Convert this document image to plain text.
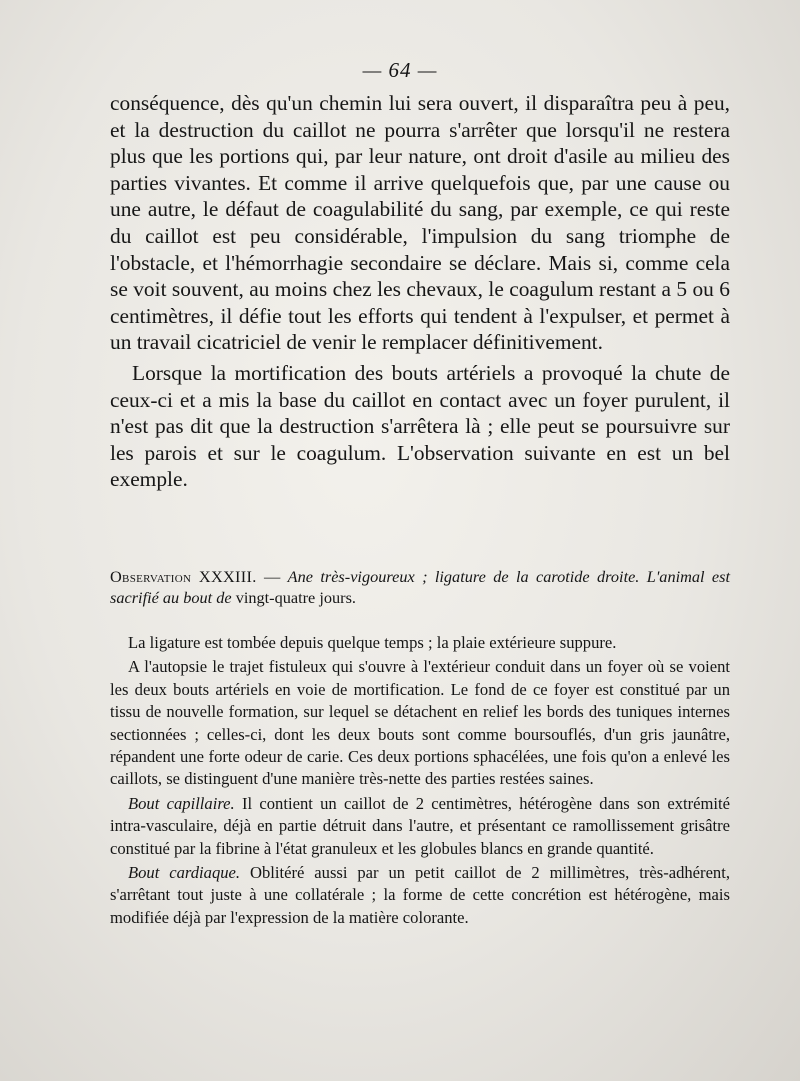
— 64 —

conséquence, dès qu'un chemin lui sera ouvert, il disparaîtra peu à peu, et la destruction du caillot ne pourra s'arrêter que lorsqu'il ne restera plus que les portions qui, par leur nature, ont droit d'asile au milieu des parties vivantes. Et comme il arrive quelquefois que, par une cause ou une autre, le défaut de coagulabilité du sang, par exemple, ce qui reste du caillot est peu considérable, l'impulsion du sang triomphe de l'obstacle, et l'hémorrhagie secondaire se déclare. Mais si, comme cela se voit souvent, au moins chez les chevaux, le coagulum restant a 5 ou 6 centimètres, il défie tout les efforts qui tendent à l'expulser, et permet à un travail cicatriciel de venir le remplacer définitivement.

Lorsque la mortification des bouts artériels a provoqué la chute de ceux-ci et a mis la base du caillot en contact avec un foyer purulent, il n'est pas dit que la destruction s'arrêtera là ; elle peut se poursuivre sur les parois et sur le coagulum. L'observation suivante en est un bel exemple.

Observation XXXIII. — Ane très-vigoureux ; ligature de la carotide droite. L'animal est sacrifié au bout de vingt-quatre jours.

La ligature est tombée depuis quelque temps ; la plaie extérieure suppure.

A l'autopsie le trajet fistuleux qui s'ouvre à l'extérieur conduit dans un foyer où se voient les deux bouts artériels en voie de mortification. Le fond de ce foyer est constitué par un tissu de nouvelle formation, sur lequel se détachent en relief les bords des tuniques internes sectionnées ; celles-ci, dont les deux bouts sont comme boursouflés, d'un gris jaunâtre, répandent une forte odeur de carie. Ces deux portions sphacélées, une fois qu'on a enlevé les caillots, se distinguent d'une manière très-nette des parties restées saines.

Bout capillaire. Il contient un caillot de 2 centimètres, hétérogène dans son extrémité intra-vasculaire, déjà en partie détruit dans l'autre, et présentant ce ramollissement grisâtre constitué par la fibrine à l'état granuleux et les globules blancs en grande quantité.

Bout cardiaque. Oblitéré aussi par un petit caillot de 2 millimètres, très-adhérent, s'arrêtant tout juste à une collatérale ; la forme de cette concrétion est hétérogène, mais modifiée déjà par l'expression de la matière colorante.
